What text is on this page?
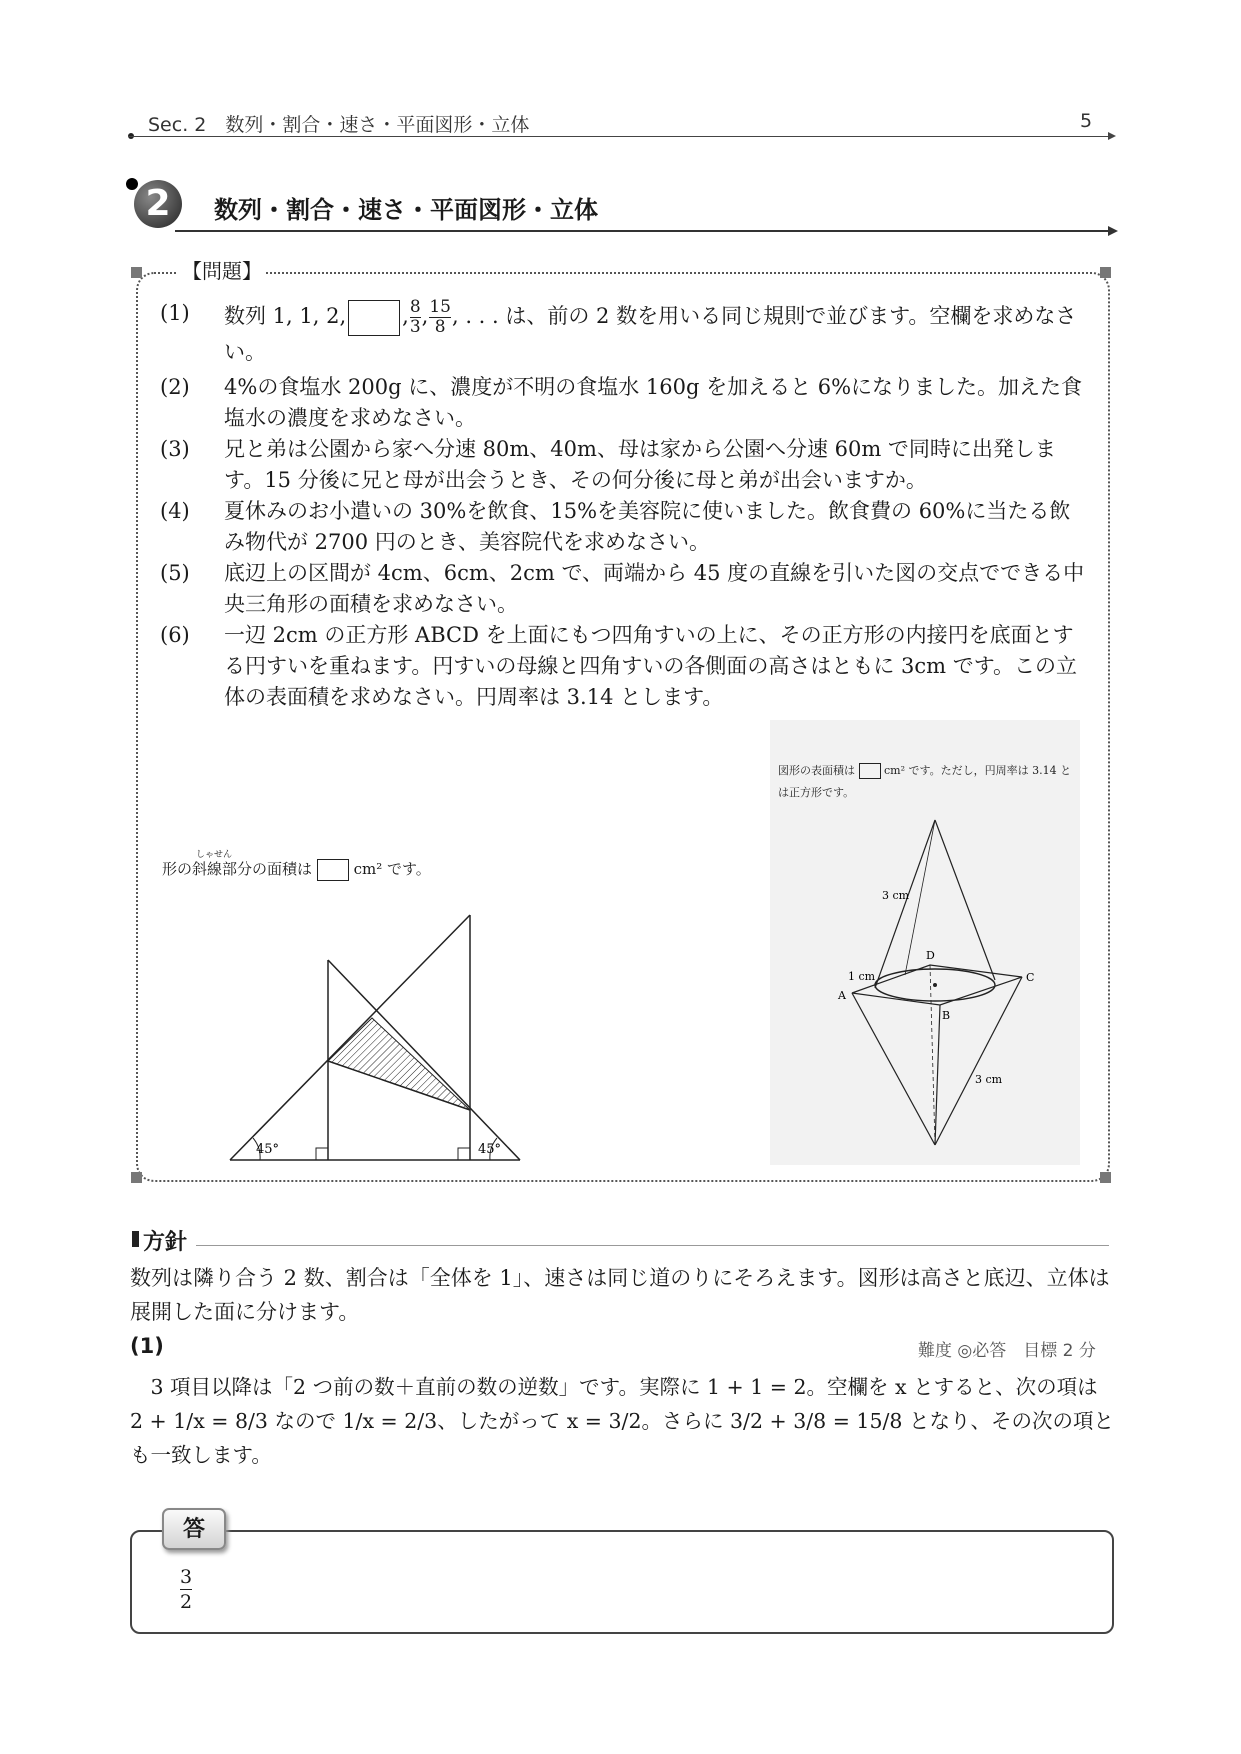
Sec. 2　数列・割合・速さ・平面図形・立体	5
2	数列・割合・速さ・平面図形・立体
【問題】
(1) 数列 1, 1, 2,	, $\frac{8}{3}$ , $\frac{15}{8}$ , . . . は、前の 2 数を用いる同じ規則で並びます。空欄を求めなさい。
(2) 4%の食塩水 200g に、濃度が不明の食塩水 160g を加えると 6%になりました。加えた食塩水の濃度を求めなさい。
(3) 兄と弟は公園から家へ分速 80m、40m、母は家から公園へ分速 60m で同時に出発します。15 分後に兄と母が出会うとき、その何分後に母と弟が出会いますか。
(4) 夏休みのお小遣いの 30%を飲食、15%を美容院に使いました。飲食費の 60%に当たる飲み物代が 2700 円のとき、美容院代を求めなさい。
(5) 底辺上の区間が 4cm、6cm、2cm で、両端から 45 度の直線を引いた図の交点でできる中央三角形の面積を求めなさい。
(6) 一辺 2cm の正方形 ABCD を上面にもつ四角すいの上に、その正方形の内接円を底面とする円すいを重ねます。円すいの母線と四角すいの各側面の高さはともに 3cm です。この立体の表面積を求めなさい。円周率は 3.14 とします。
しゃせん
形の斜線部分の面積は	cm² です。
45°	45°
図形の表面積は	cm² です。ただし，円周率は 3.14 と
は正方形です。
3 cm
1 cm
A
B
C
D
3 cm
方針
数列は隣り合う 2 数、割合は「全体を 1」、速さは同じ道のりにそろえます。図形は高さと底辺、立体は展開した面に分けます。
(1)	難度 ◎必答　目標 2 分
3 項目以降は「2 つ前の数＋直前の数の逆数」です。実際に 1 + 1 = 2。空欄を x とすると、次の項は 2 + 1/x = 8/3 なので 1/x = 2/3、したがって x = 3/2。さらに 3/2 + 3/8 = 15/8 となり、その次の項とも一致します。
答
$\frac{3}{2}$
